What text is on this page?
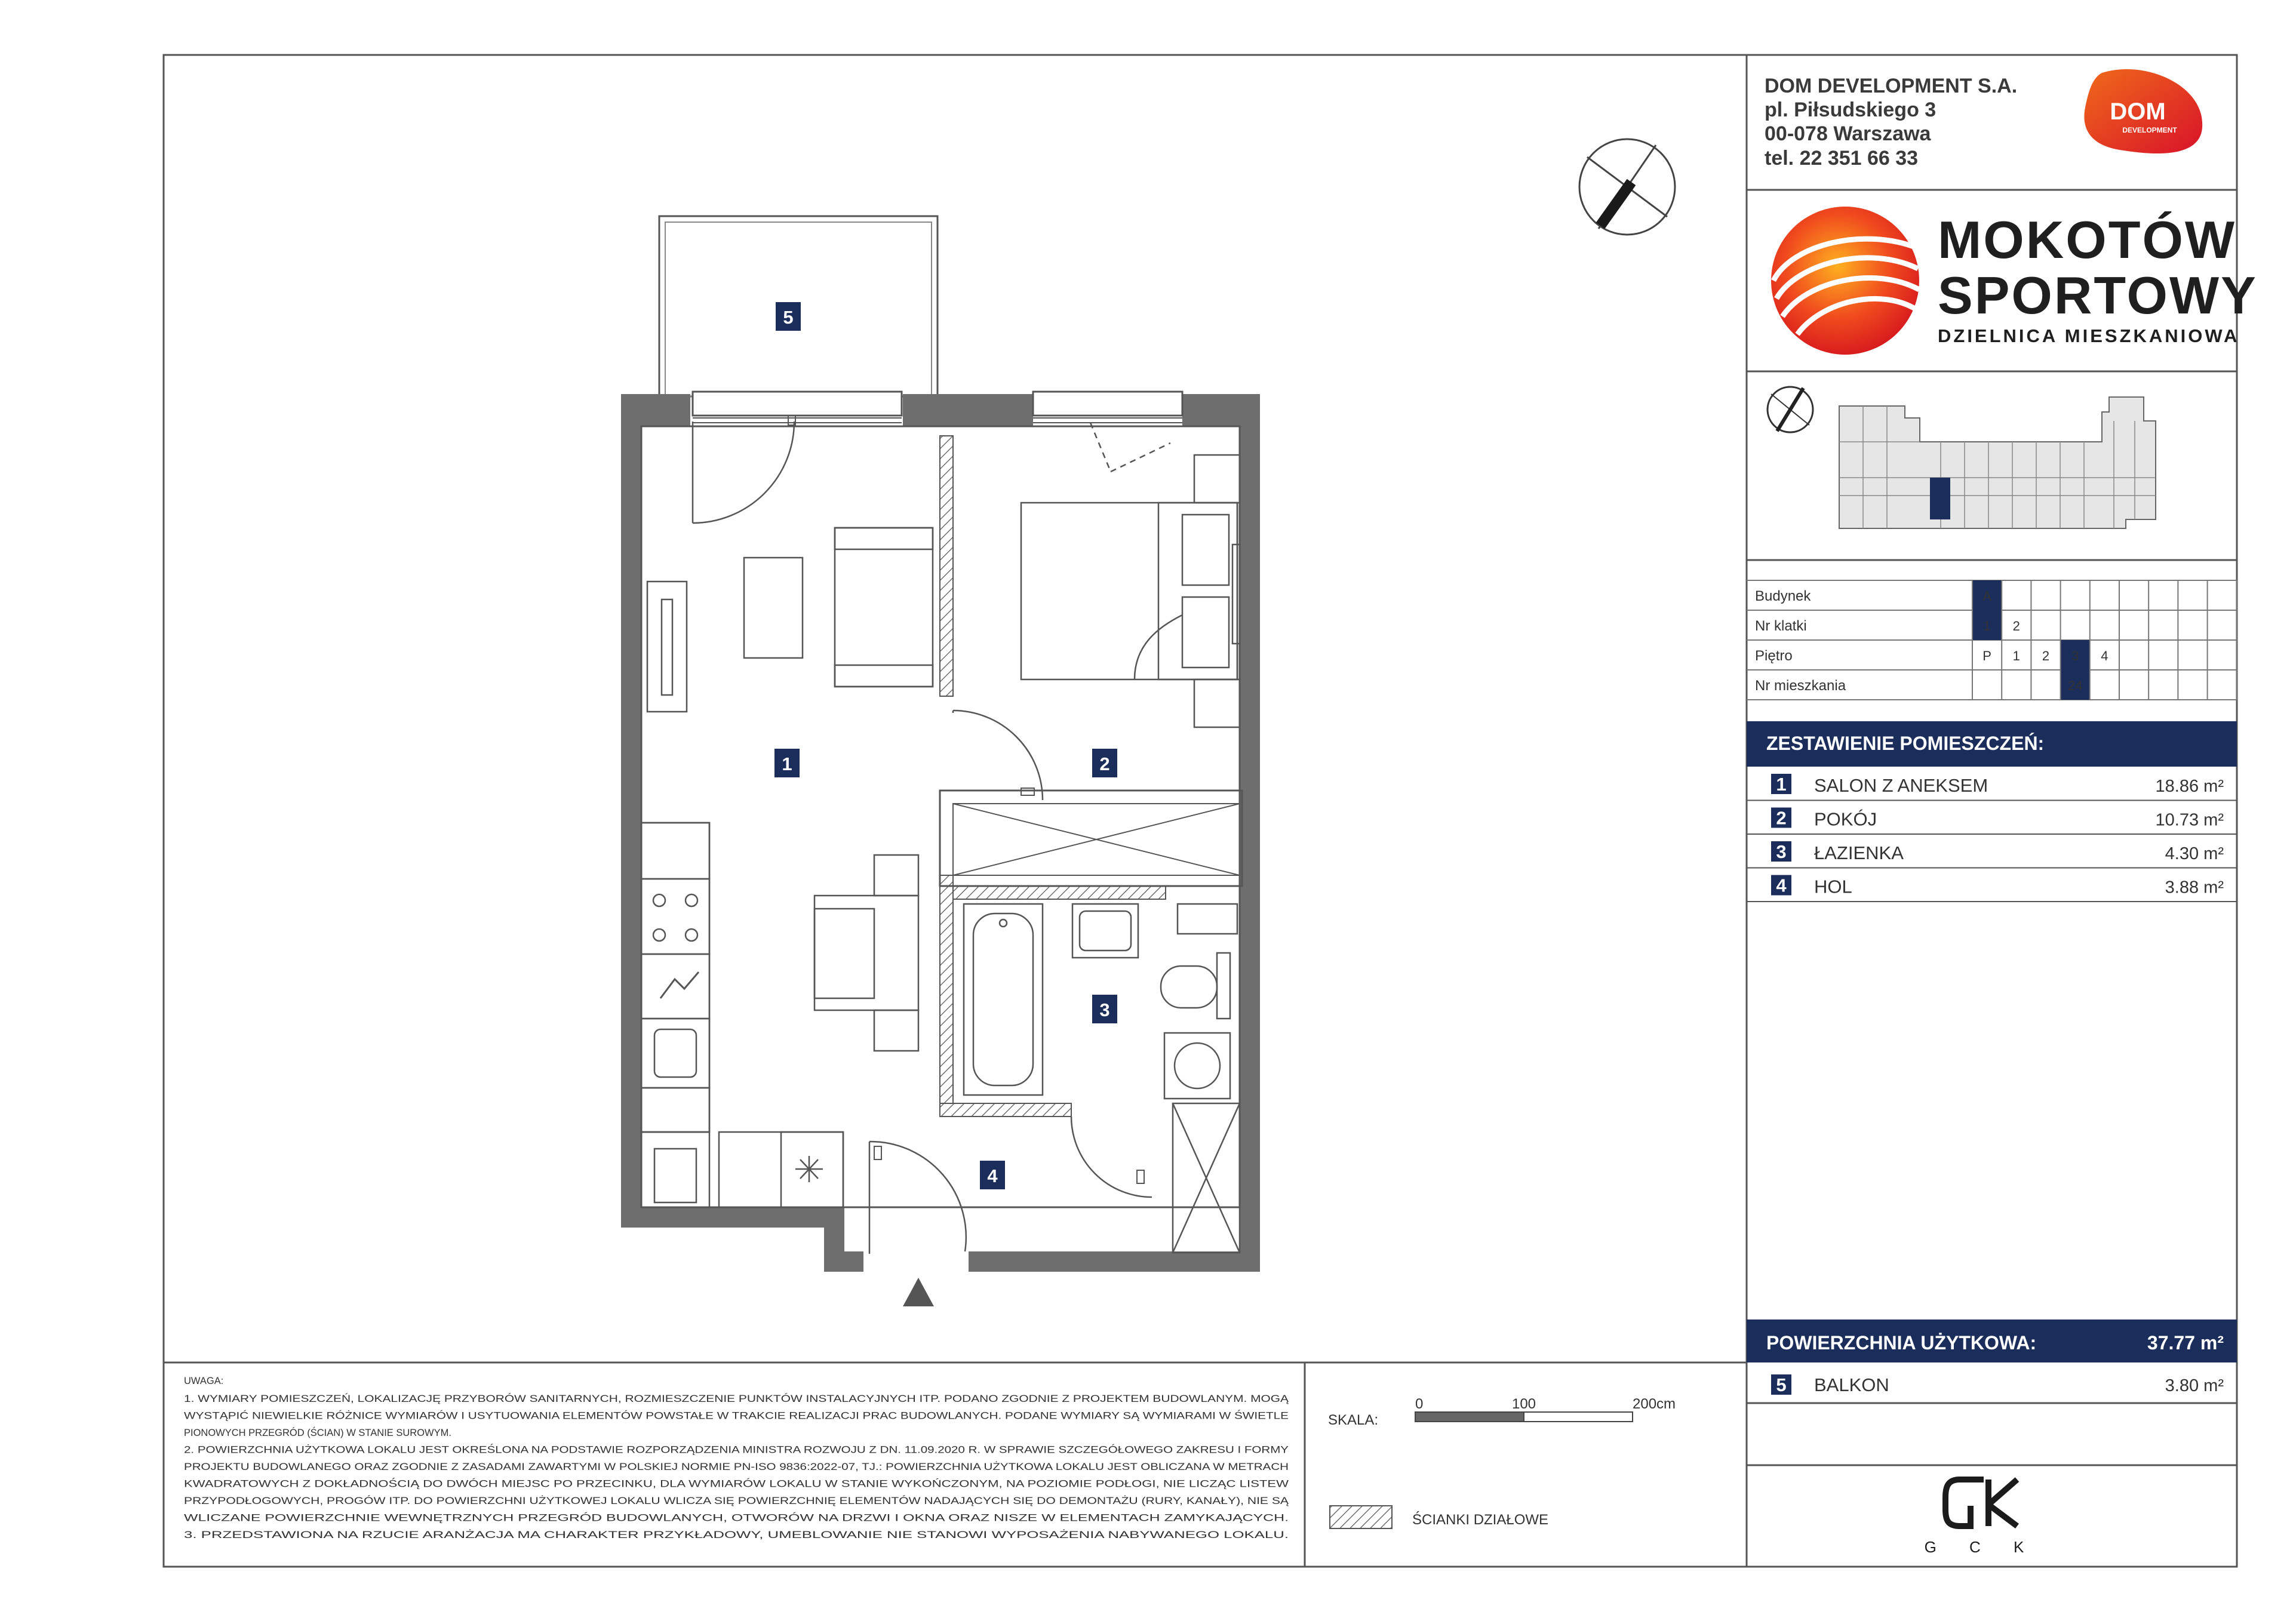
DOM DEVELOPMENT S.A.
pl. Piłsudskiego 3
00-078 Warszawa
tel. 22 351 66 33
DOM
DEVELOPMENT
MOKOTÓW
SPORTOWY
DZIELNICA MIESZKANIOWA
Budynek	A
Nr klatki	1 2
Piętro	P 1 2 3 4
Nr mieszkania	24
ZESTAWIENIE POMIESZCZEŃ:
1 SALON Z ANEKSEM	18.86 m²
2 POKÓJ	10.73 m²
3 ŁAZIENKA	4.30 m²
4 HOL	3.88 m²
POWIERZCHNIA UŻYTKOWA:	37.77 m²
5 BALKON	3.80 m²
G C K
UWAGA:
1. WYMIARY POMIESZCZEŃ, LOKALIZACJĘ PRZYBORÓW SANITARNYCH, ROZMIESZCZENIE PUNKTÓW INSTALACYJNYCH ITP. PODANO ZGODNIE Z PROJEKTEM BUDOWLANYM. MOGĄ
WYSTĄPIĆ NIEWIELKIE RÓŻNICE WYMIARÓW I USYTUOWANIA ELEMENTÓW POWSTAŁE W TRAKCIE REALIZACJI PRAC BUDOWLANYCH. PODANE WYMIARY SĄ WYMIARAMI W ŚWIETLE
PIONOWYCH PRZEGRÓD (ŚCIAN) W STANIE SUROWYM.
2. POWIERZCHNIA UŻYTKOWA LOKALU JEST OKREŚLONA NA PODSTAWIE ROZPORZĄDZENIA MINISTRA ROZWOJU Z DN. 11.09.2020 R. W SPRAWIE SZCZEGÓŁOWEGO ZAKRESU I FORMY
PROJEKTU BUDOWLANEGO ORAZ ZGODNIE Z ZASADAMI ZAWARTYMI W POLSKIEJ NORMIE PN-ISO 9836:2022-07, TJ.: POWIERZCHNIA UŻYTKOWA LOKALU JEST OBLICZANA W METRACH
KWADRATOWYCH Z DOKŁADNOŚCIĄ DO DWÓCH MIEJSC PO PRZECINKU, DLA WYMIARÓW LOKALU W STANIE WYKOŃCZONYM, NA POZIOMIE PODŁOGI, NIE LICZĄC LISTEW
PRZYPODŁOGOWYCH, PROGÓW ITP. DO POWIERZCHNI UŻYTKOWEJ LOKALU WLICZA SIĘ POWIERZCHNIĘ ELEMENTÓW NADAJĄCYCH SIĘ DO DEMONTAŻU (RURY, KANAŁY), NIE SĄ
WLICZANE POWIERZCHNIE WEWNĘTRZNYCH PRZEGRÓD BUDOWLANYCH, OTWORÓW NA DRZWI I OKNA ORAZ NISZE W ELEMENTACH ZAMYKAJĄCYCH.
3. PRZEDSTAWIONA NA RZUCIE ARANŻACJA MA CHARAKTER PRZYKŁADOWY, UMEBLOWANIE NIE STANOWI WYPOSAŻENIA NABYWANEGO LOKALU.
SKALA:
0	100	200cm
ŚCIANKI DZIAŁOWE
1	2
3
4
5
